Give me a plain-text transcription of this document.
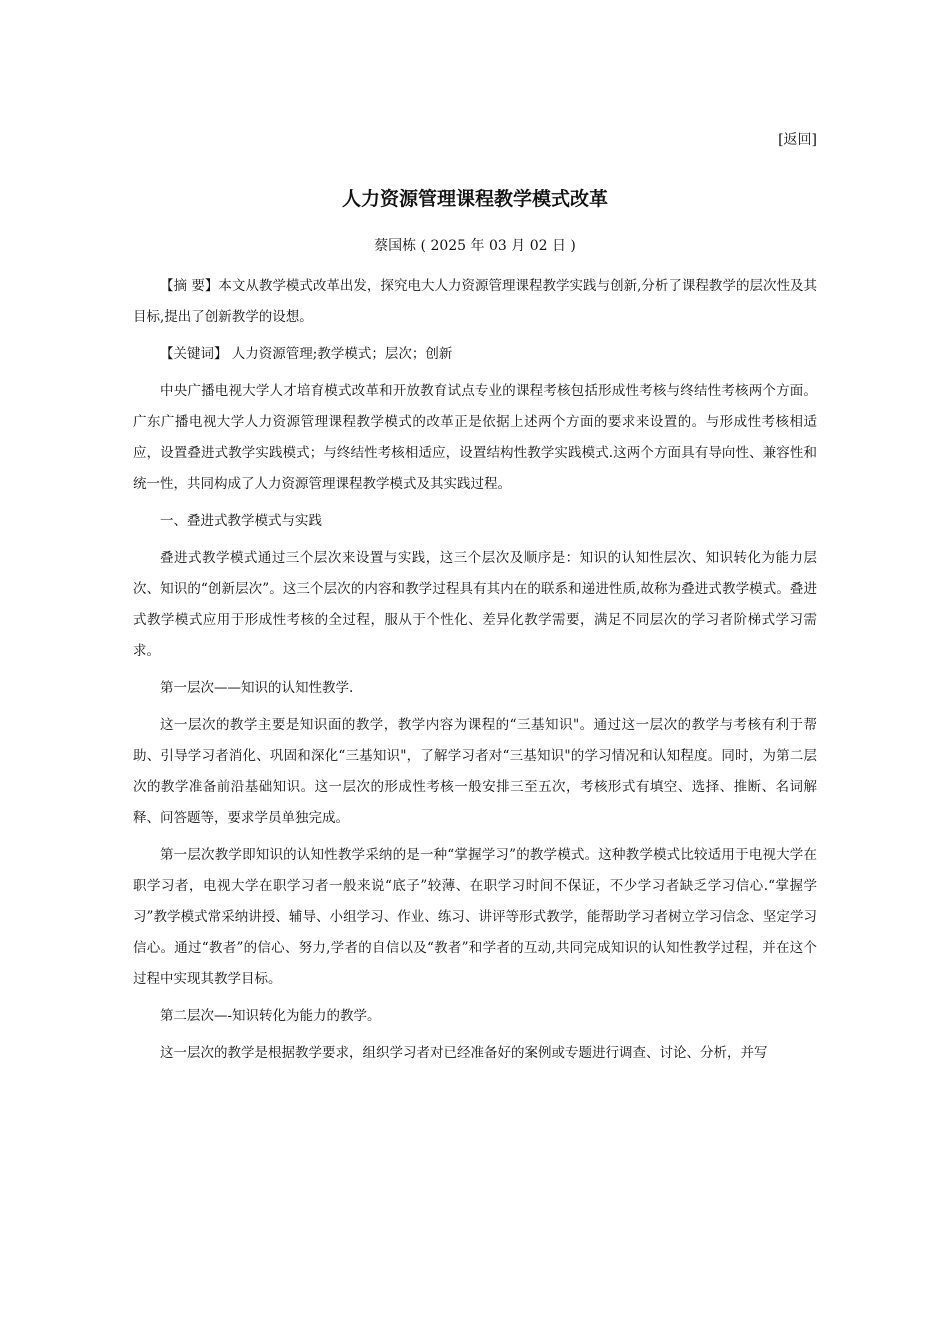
[返回]
人力资源管理课程教学模式改革
蔡国栋 ( 2025 年 03 月 02 日 )

【摘 要】本文从教学模式改革出发，探究电大人力资源管理课程教学实践与创新,分析了课程教学的层次性及其目标,提出了创新教学的设想。

【关键词】 人力资源管理;教学模式；层次；创新

中央广播电视大学人才培育模式改革和开放教育试点专业的课程考核包括形成性考核与终结性考核两个方面。广东广播电视大学人力资源管理课程教学模式的改革正是依据上述两个方面的要求来设置的。与形成性考核相适应，设置叠进式教学实践模式；与终结性考核相适应，设置结构性教学实践模式.这两个方面具有导向性、兼容性和统一性，共同构成了人力资源管理课程教学模式及其实践过程。

一、叠进式教学模式与实践

叠进式教学模式通过三个层次来设置与实践，这三个层次及顺序是：知识的认知性层次、知识转化为能力层次、知识的“创新层次”。这三个层次的内容和教学过程具有其内在的联系和递进性质,故称为叠进式教学模式。叠进式教学模式应用于形成性考核的全过程，服从于个性化、差异化教学需要，满足不同层次的学习者阶梯式学习需求。

第一层次——知识的认知性教学.

这一层次的教学主要是知识面的教学，教学内容为课程的“三基知识"。通过这一层次的教学与考核有利于帮助、引导学习者消化、巩固和深化“三基知识"，了解学习者对“三基知识"的学习情况和认知程度。同时，为第二层次的教学准备前沿基础知识。这一层次的形成性考核一般安排三至五次，考核形式有填空、选择、推断、名词解释、问答题等，要求学员单独完成。

第一层次教学即知识的认知性教学采纳的是一种“掌握学习”的教学模式。这种教学模式比较适用于电视大学在职学习者，电视大学在职学习者一般来说“底子”较薄、在职学习时间不保证，不少学习者缺乏学习信心.“掌握学习”教学模式常采纳讲授、辅导、小组学习、作业、练习、讲评等形式教学，能帮助学习者树立学习信念、坚定学习信心。通过“教者”的信心、努力,学者的自信以及“教者”和学者的互动,共同完成知识的认知性教学过程，并在这个过程中实现其教学目标。

第二层次—-知识转化为能力的教学。

这一层次的教学是根据教学要求，组织学习者对已经准备好的案例或专题进行调查、讨论、分析，并写
